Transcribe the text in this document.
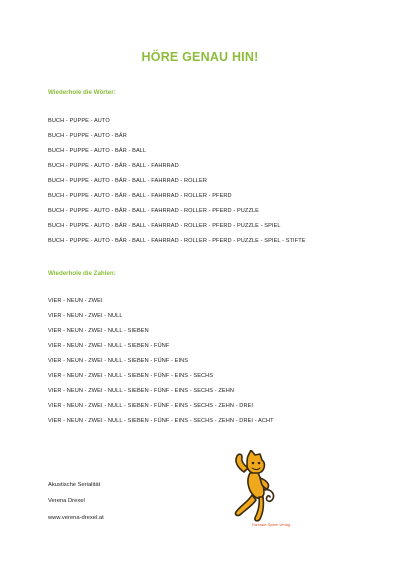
HÖRE GENAU HIN!
Wiederhole die Wörter:
BUCH - PUPPE - AUTO
BUCH - PUPPE - AUTO - BÄR
BUCH - PUPPE - AUTO - BÄR - BALL
BUCH - PUPPE - AUTO - BÄR - BALL - FAHRRAD
BUCH - PUPPE - AUTO - BÄR - BALL - FAHRRAD - ROLLER
BUCH - PUPPE - AUTO - BÄR - BALL - FAHRRAD - ROLLER - PFERD
BUCH - PUPPE - AUTO - BÄR - BALL - FAHRRAD - ROLLER - PFERD - PUZZLE
BUCH - PUPPE - AUTO - BÄR - BALL - FAHRRAD - ROLLER - PFERD - PUZZLE - SPIEL
BUCH - PUPPE - AUTO - BÄR - BALL - FAHRRAD - ROLLER - PFERD - PUZZLE - SPIEL - STIFTE
Wiederhole die Zahlen:
VIER - NEUN - ZWEI
VIER - NEUN - ZWEI - NULL
VIER - NEUN - ZWEI - NULL - SIEBEN
VIER - NEUN - ZWEI - NULL - SIEBEN - FÜNF
VIER - NEUN - ZWEI - NULL - SIEBEN - FÜNF - EINS
VIER - NEUN - ZWEI - NULL - SIEBEN - FÜNF - EINS - SECHS
VIER - NEUN - ZWEI - NULL - SIEBEN - FÜNF - EINS - SECHS - ZEHN
VIER - NEUN - ZWEI - NULL - SIEBEN - FÜNF - EINS - SECHS - ZEHN - DREI
VIER - NEUN - ZWEI - NULL - SIEBEN - FÜNF - EINS - SECHS - ZEHN - DREI - ACHT
Akustische Serialität
Verena Drexel
www.verena-drexel.at
Fantasie Spiele Verlag
